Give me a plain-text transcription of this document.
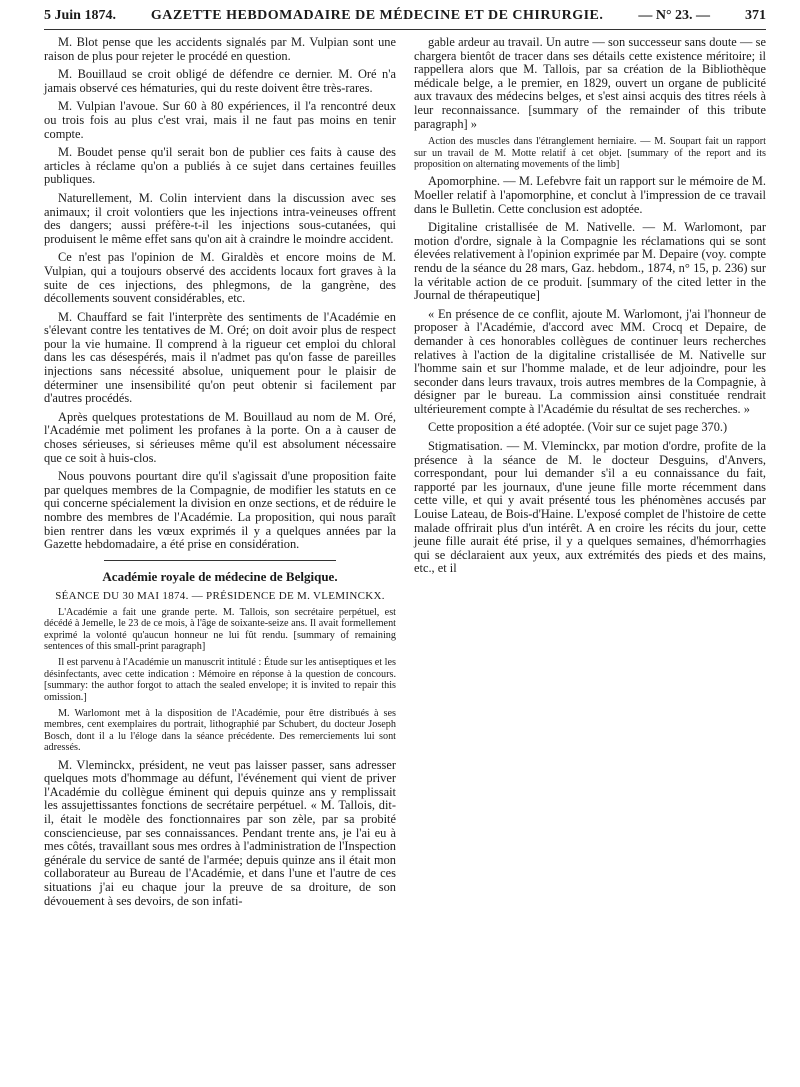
5 Juin 1874. GAZETTE HEBDOMADAIRE DE MÉDECINE ET DE CHIRURGIE. — N° 23. — 371

M. Blot pense que les accidents signalés par M. Vulpian sont une raison de plus pour rejeter le procédé en question.

M. Bouillaud se croit obligé de défendre ce dernier. M. Oré n'a jamais observé ces hématuries, qui du reste doivent être très-rares.

M. Vulpian l'avoue. Sur 60 à 80 expériences, il l'a rencontré deux ou trois fois au plus c'est vrai, mais il ne faut pas moins en tenir compte.

M. Boudet pense qu'il serait bon de publier ces faits à cause des articles à réclame qu'on a publiés à ce sujet dans certaines feuilles publiques.

Naturellement, M. Colin intervient dans la discussion avec ses animaux; il croit volontiers que les injections intra-veineuses offrent des dangers; aussi préfère-t-il les injections sous-cutanées, qui produisent le même effet sans qu'on ait à craindre le moindre accident.

Ce n'est pas l'opinion de M. Giraldès et encore moins de M. Vulpian, qui a toujours observé des accidents locaux fort graves à la suite de ces injections, des phlegmons, de la gangrène, des décollements souvent considérables, etc.

M. Chauffard se fait l'interprète des sentiments de l'Académie en s'élevant contre les tentatives de M. Oré; on doit avoir plus de respect pour la vie humaine. Il comprend à la rigueur cet emploi du chloral dans les cas désespérés, mais il n'admet pas qu'on fasse de pareilles injections sans nécessité absolue, uniquement pour le plaisir de déterminer une insensibilité qu'on peut obtenir si facilement par d'autres procédés.

Après quelques protestations de M. Bouillaud au nom de M. Oré, l'Académie met poliment les profanes à la porte. On a à causer de choses sérieuses, si sérieuses même qu'il est absolument nécessaire que ce soit à huis-clos.

Nous pouvons pourtant dire qu'il s'agissait d'une proposition faite par quelques membres de la Compagnie, de modifier les statuts en ce qui concerne spécialement la division en onze sections, et de réduire le nombre des membres de l'Académie. La proposition, qui nous paraît bien rentrer dans les vœux exprimés il y a quelques années par la Gazette hebdomadaire, a été prise en considération.

Académie royale de médecine de Belgique.
SÉANCE DU 30 MAI 1874. — PRÉSIDENCE DE M. VLEMINCKX.

L'Académie a fait une grande perte. M. Tallois, son secrétaire perpétuel, est décédé à Jemelle, le 23 de ce mois, à l'âge de soixante-seize ans. Il avait formellement exprimé la volonté qu'aucun honneur ne lui fût rendu. [summary of remaining sentences of this small-print paragraph]

Il est parvenu à l'Académie un manuscrit intitulé : Étude sur les antiseptiques et les désinfectants, avec cette indication : Mémoire en réponse à la question de concours. [summary: the author forgot to attach the sealed envelope; it is invited to repair this omission.]

M. Warlomont met à la disposition de l'Académie, pour être distribués à ses membres, cent exemplaires du portrait, lithographié par Schubert, du docteur Joseph Bosch, dont il a lu l'éloge dans la séance précédente. Des remerciements lui sont adressés.

M. Vleminckx, président, ne veut pas laisser passer, sans adresser quelques mots d'hommage au défunt, l'événement qui vient de priver l'Académie du collègue éminent qui depuis quinze ans y remplissait les assujettissantes fonctions de secrétaire perpétuel. « M. Tallois, dit-il, était le modèle des fonctionnaires par son zèle, par sa probité consciencieuse, par ses connaissances. Pendant trente ans, je l'ai eu à mes côtés, travaillant sous mes ordres à l'administration de l'Inspection générale du service de santé de l'armée; depuis quinze ans il était mon collaborateur au Bureau de l'Académie, et dans l'une et l'autre de ces situations j'ai eu chaque jour la preuve de sa droiture, de son dévouement à ses devoirs, de son infati-

gable ardeur au travail. Un autre — son successeur sans doute — se chargera bientôt de tracer dans ses détails cette existence méritoire; il rappellera alors que M. Tallois, par sa création de la Bibliothèque médicale belge, a le premier, en 1829, ouvert un organe de publicité aux travaux des médecins belges, et s'est ainsi acquis des titres réels à leur reconnaissance. [summary of the remainder of this tribute paragraph] »

Action des muscles dans l'étranglement herniaire. — M. Soupart fait un rapport sur un travail de M. Motte relatif à cet objet. [summary of the report and its proposition on alternating movements of the limb]

Apomorphine. — M. Lefebvre fait un rapport sur le mémoire de M. Moeller relatif à l'apomorphine, et conclut à l'impression de ce travail dans le Bulletin. Cette conclusion est adoptée.

Digitaline cristallisée de M. Nativelle. — M. Warlomont, par motion d'ordre, signale à la Compagnie les réclamations qui se sont élevées relativement à l'opinion exprimée par M. Depaire (voy. compte rendu de la séance du 28 mars, Gaz. hebdom., 1874, n° 15, p. 236) sur la véritable action de ce produit. [summary of the cited letter in the Journal de thérapeutique]

« En présence de ce conflit, ajoute M. Warlomont, j'ai l'honneur de proposer à l'Académie, d'accord avec MM. Crocq et Depaire, de demander à ces honorables collègues de continuer leurs recherches relatives à l'action de la digitaline cristallisée de M. Nativelle sur l'homme sain et sur l'homme malade, et de leur adjoindre, pour les seconder dans leurs travaux, trois autres membres de la Compagnie, à désigner par le bureau. La commission ainsi constituée rendrait ultérieurement compte à l'Académie du résultat de ses recherches. »

Cette proposition a été adoptée. (Voir sur ce sujet page 370.)

Stigmatisation. — M. Vleminckx, par motion d'ordre, profite de la présence à la séance de M. le docteur Desguins, d'Anvers, correspondant, pour lui demander s'il a eu connaissance du fait, rapporté par les journaux, d'une jeune fille morte récemment dans cette ville, et qui y avait présenté tous les phénomènes accusés par Louise Lateau, de Bois-d'Haine. L'exposé complet de l'histoire de cette malade offrirait plus d'un intérêt. A en croire les récits du jour, cette jeune fille aurait été prise, il y a quelques semaines, d'hémorrhagies qui se déclaraient aux yeux, aux extrémités des pieds et des mains, etc., et il
